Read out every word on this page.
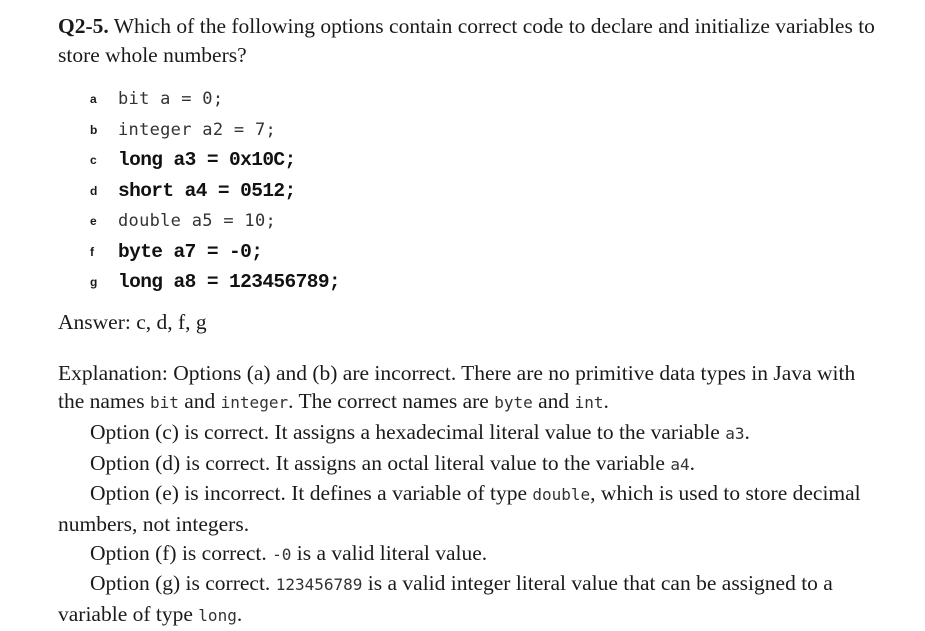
Q2-5. Which of the following options contain correct code to declare and initialize variables to store whole numbers?

a	bit a = 0;
b	integer a2 = 7;
c	long a3 = 0x10C;
d	short a4 = 0512;
e	double a5 = 10;
f	byte a7 = -0;
g	long a8 = 123456789;
Answer: c, d, f, g

Explanation: Options (a) and (b) are incorrect. There are no primitive data types in Java with the names bit and integer. The correct names are byte and int.

Option (c) is correct. It assigns a hexadecimal literal value to the variable a3.

Option (d) is correct. It assigns an octal literal value to the variable a4.

Option (e) is incorrect. It defines a variable of type double, which is used to store decimal numbers, not integers.

Option (f) is correct. -0 is a valid literal value.

Option (g) is correct. 123456789 is a valid integer literal value that can be assigned to a variable of type long.
